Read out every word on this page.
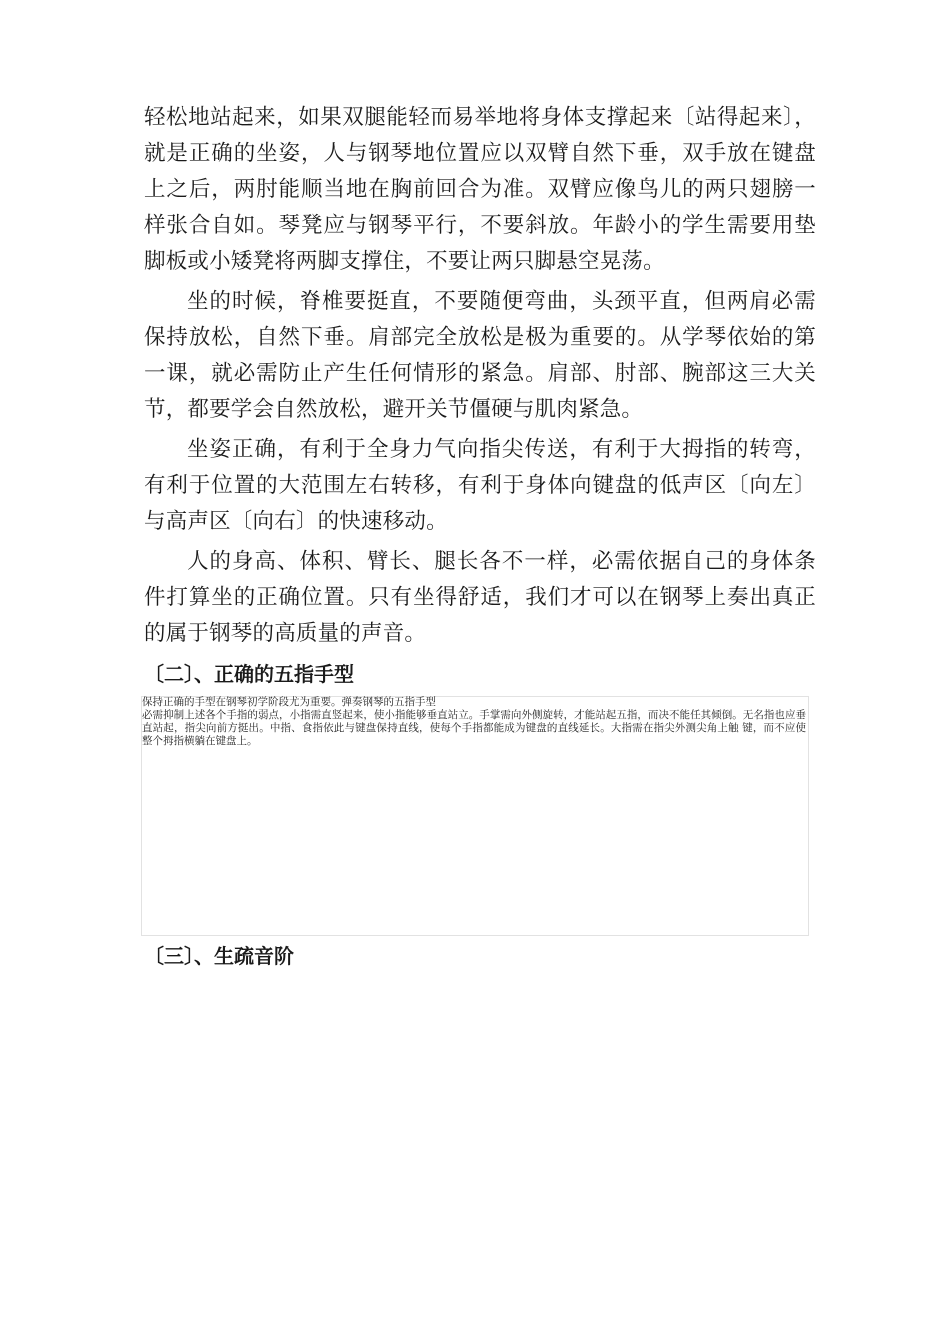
轻松地站起来，如果双腿能轻而易举地将身体支撑起来〔站得起来〕，就是正确的坐姿，人与钢琴地位置应以双臂自然下垂，双手放在键盘上之后，两肘能顺当地在胸前回合为准。双臂应像鸟儿的两只翅膀一样张合自如。琴凳应与钢琴平行，不要斜放。年龄小的学生需要用垫脚板或小矮凳将两脚支撑住，不要让两只脚悬空晃荡。

坐的时候，脊椎要挺直，不要随便弯曲，头颈平直，但两肩必需保持放松，自然下垂。肩部完全放松是极为重要的。从学琴依始的第一课，就必需防止产生任何情形的紧急。肩部、肘部、腕部这三大关节，都要学会自然放松，避开关节僵硬与肌肉紧急。

坐姿正确，有利于全身力气向指尖传送，有利于大拇指的转弯，有利于位置的大范围左右转移，有利于身体向键盘的低声区〔向左〕与高声区〔向右〕的快速移动。

人的身高、体积、臂长、腿长各不一样，必需依据自己的身体条件打算坐的正确位置。只有坐得舒适，我们才可以在钢琴上奏出真正的属于钢琴的高质量的声音。

〔二〕、正确的五指手型

保持正确的手型在钢琴初学阶段尤为重要。弹奏钢琴的五指手型

必需抑制上述各个手指的弱点，小指需直竖起来，使小指能够垂直站立。手掌需向外侧旋转，才能站起五指，而决不能任其倾倒。无名指也应垂直站起，指尖向前方挺出。中指、食指依此与键盘保持直线，使每个手指都能成为键盘的直线延长。大指需在指尖外测尖角上触 键，而不应使整个拇指横躺在键盘上。

〔三〕、生疏音阶
